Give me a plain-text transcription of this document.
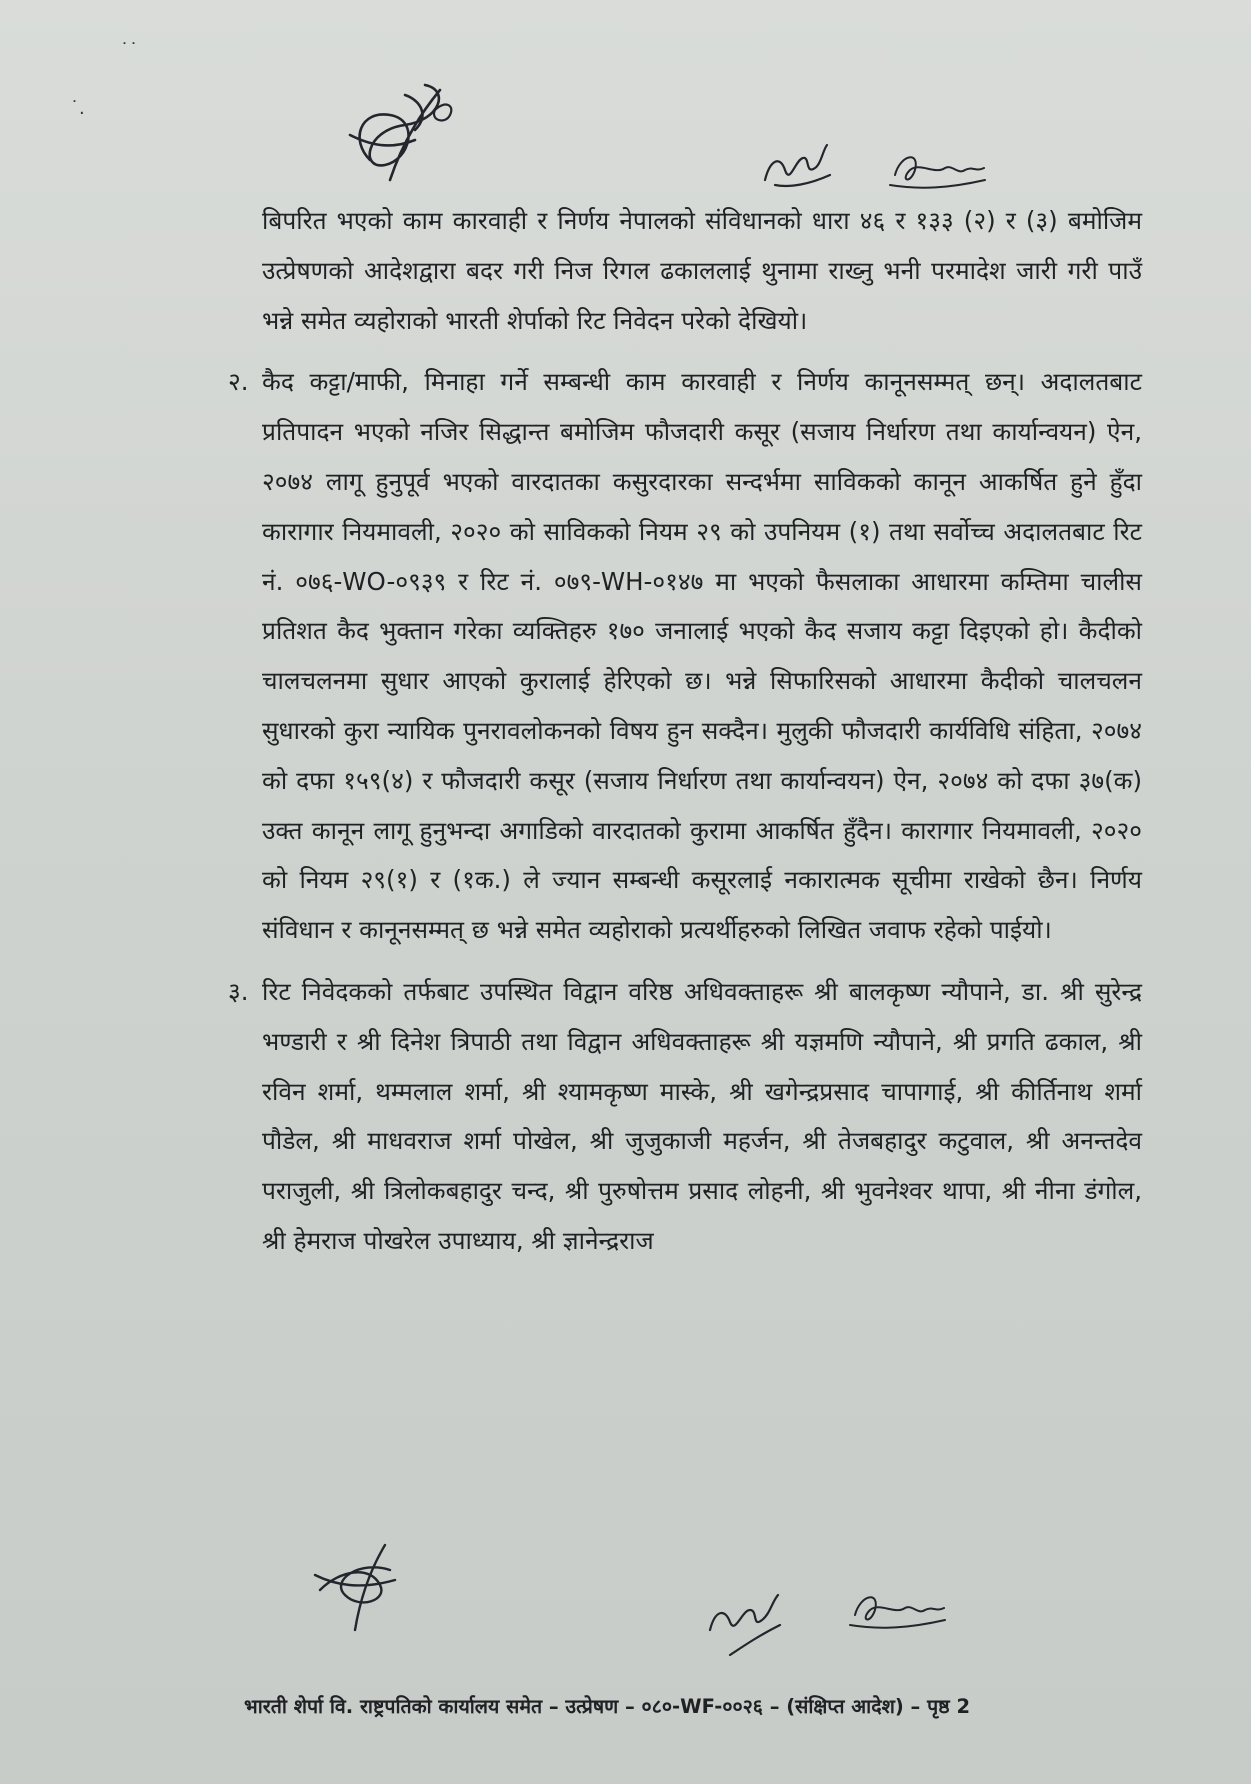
˙˙
˙.

बिपरित भएको काम कारवाही र निर्णय नेपालको संविधानको धारा ४६ र १३३ (२) र (३) बमोजिम उत्प्रेषणको आदेशद्वारा बदर गरी निज रिगल ढकाललाई थुनामा राख्नु भनी परमादेश जारी गरी पाउँ भन्ने समेत व्यहोराको भारती शेर्पाको रिट निवेदन परेको देखियो।

२. कैद कट्टा/माफी, मिनाहा गर्ने सम्बन्धी काम कारवाही र निर्णय कानूनसम्मत् छन्। अदालतबाट प्रतिपादन भएको नजिर सिद्धान्त बमोजिम फौजदारी कसूर (सजाय निर्धारण तथा कार्यान्वयन) ऐन, २०७४ लागू हुनुपूर्व भएको वारदातका कसुरदारका सन्दर्भमा साविकको कानून आकर्षित हुने हुँदा कारागार नियमावली, २०२० को साविकको नियम २९ को उपनियम (१) तथा सर्वोच्च अदालतबाट रिट नं. ०७६-WO-०९३९ र रिट नं. ०७९-WH-०१४७ मा भएको फैसलाका आधारमा कम्तिमा चालीस प्रतिशत कैद भुक्तान गरेका व्यक्तिहरु १७० जनालाई भएको कैद सजाय कट्टा दिइएको हो। कैदीको चालचलनमा सुधार आएको कुरालाई हेरिएको छ। भन्ने सिफारिसको आधारमा कैदीको चालचलन सुधारको कुरा न्यायिक पुनरावलोकनको विषय हुन सक्दैन। मुलुकी फौजदारी कार्यविधि संहिता, २०७४ को दफा १५९(४) र फौजदारी कसूर (सजाय निर्धारण तथा कार्यान्वयन) ऐन, २०७४ को दफा ३७(क) उक्त कानून लागू हुनुभन्दा अगाडिको वारदातको कुरामा आकर्षित हुँदैन। कारागार नियमावली, २०२० को नियम २९(१) र (१क.) ले ज्यान सम्बन्धी कसूरलाई नकारात्मक सूचीमा राखेको छैन। निर्णय संविधान र कानूनसम्मत् छ भन्ने समेत व्यहोराको प्रत्यर्थीहरुको लिखित जवाफ रहेको पाईयो।
३. रिट निवेदकको तर्फबाट उपस्थित विद्वान वरिष्ठ अधिवक्ताहरू श्री बालकृष्ण न्यौपाने, डा. श्री सुरेन्द्र भण्डारी र श्री दिनेश त्रिपाठी तथा विद्वान अधिवक्ताहरू श्री यज्ञमणि न्यौपाने, श्री प्रगति ढकाल, श्री रविन शर्मा, थम्मलाल शर्मा, श्री श्यामकृष्ण मास्के, श्री खगेन्द्रप्रसाद चापागाई, श्री कीर्तिनाथ शर्मा पौडेल, श्री माधवराज शर्मा पोखेल, श्री जुजुकाजी महर्जन, श्री तेजबहादुर कटुवाल, श्री अनन्तदेव पराजुली, श्री त्रिलोकबहादुर चन्द, श्री पुरुषोत्तम प्रसाद लोहनी, श्री भुवनेश्वर थापा, श्री नीना डंगोल, श्री हेमराज पोखरेल उपाध्याय, श्री ज्ञानेन्द्रराज
भारती शेर्पा वि. राष्ट्रपतिको कार्यालय समेत – उत्प्रेषण – ०८०-WF-००२६ – (संक्षिप्त आदेश) – पृष्ठ 2
